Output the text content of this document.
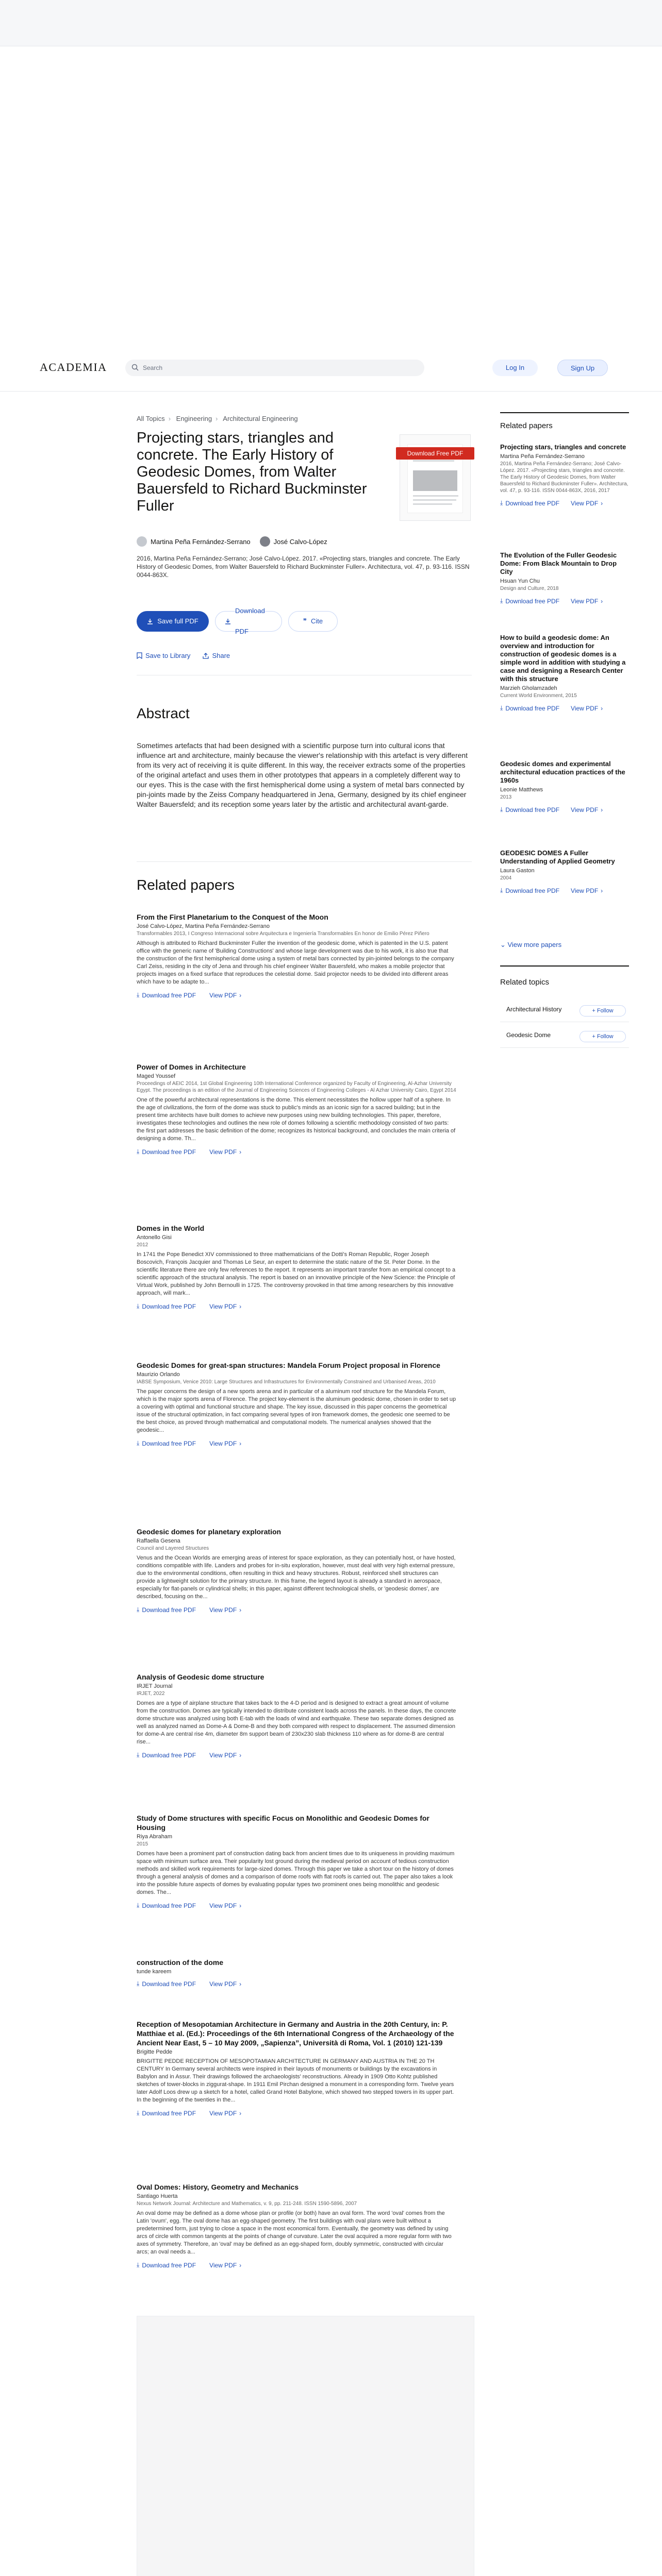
ACADEMIA	Search	Log In	Sign Up
All Topics › Engineering › Architectural Engineering
Projecting stars, triangles and concrete. The Early History of Geodesic Domes, from Walter Bauersfeld to Richard Buckminster Fuller
Download Free PDF
Martina Peña Fernández-Serrano	José Calvo-López
2016, Martina Peña Fernández-Serrano; José Calvo-López. 2017. «Projecting stars, triangles and concrete. The Early History of Geodesic Domes, from Walter Bauersfeld to Richard Buckminster Fuller». Architectura, vol. 47, p. 93-116. ISSN 0044-863X.
Save full PDF
Download PDF
❞ Cite
Save to Library	Share
Abstract

Sometimes artefacts that had been designed with a scientific purpose turn into cultural icons that influence art and architecture, mainly because the viewer's relationship with this artefact is very different from its very act of receiving it is quite different. In this way, the receiver extracts some of the properties of the original artefact and uses them in other prototypes that appears in a completely different way to our eyes. This is the case with the first hemispherical dome using a system of metal bars connected by pin-joints made by the Zeiss Company headquartered in Jena, Germany, designed by its chief engineer Walter Bauersfeld; and its reception some years later by the artistic and architectural avant-garde.

Related papers
From the First Planetarium to the Conquest of the Moon
José Calvo-López, Martina Peña Fernández-Serrano
Transformables 2013, I Congreso Internacional sobre Arquitectura e Ingeniería Transformables En honor de Emilio Pérez Piñero
Although is attributed to Richard Buckminster Fuller the invention of the geodesic dome, which is patented in the U.S. patent office with the generic name of 'Building Constructions' and whose large development was due to his work, it is also true that the construction of the first hemispherical dome using a system of metal bars connected by pin-jointed belongs to the company Carl Zeiss, residing in the city of Jena and through his chief engineer Walter Bauersfeld, who makes a mobile projector that projects images on a fixed surface that reproduces the celestial dome. Said projector needs to be divided into different areas which have to be adapte to...
⤓ Download free PDF View PDF ›
Power of Domes in Architecture
Maged Youssef
Proceedings of AEIC 2014, 1st Global Engineering 10th International Conference organized by Faculty of Engineering, Al-Azhar University Egypt. The proceedings is an edition of the Journal of Engineering Sciences of Engineering Colleges - Al Azhar University Cairo, Egypt 2014
One of the powerful architectural representations is the dome. This element necessitates the hollow upper half of a sphere. In the age of civilizations, the form of the dome was stuck to public's minds as an iconic sign for a sacred building; but in the present time architects have built domes to achieve new purposes using new building technologies. This paper, therefore, investigates these technologies and outlines the new role of domes following a scientific methodology consisted of two parts: the first part addresses the basic definition of the dome; recognizes its historical background, and concludes the main criteria of designing a dome. Th...
⤓ Download free PDF View PDF ›
Domes in the World
Antonello Gisi
2012
In 1741 the Pope Benedict XIV commissioned to three mathematicians of the Dotti's Roman Republic, Roger Joseph Boscovich, François Jacquier and Thomas Le Seur, an expert to determine the static nature of the St. Peter Dome. In the scientific literature there are only few references to the report. It represents an important transfer from an empirical concept to a scientific approach of the structural analysis. The report is based on an innovative principle of the New Science: the Principle of Virtual Work, published by John Bernoulli in 1725. The controversy provoked in that time among researchers by this innovative approach, will mark...
⤓ Download free PDF View PDF ›
Geodesic Domes for great-span structures: Mandela Forum Project proposal in Florence
Maurizio Orlando
IABSE Symposium, Venice 2010: Large Structures and Infrastructures for Environmentally Constrained and Urbanised Areas, 2010
The paper concerns the design of a new sports arena and in particular of a aluminum roof structure for the Mandela Forum, which is the major sports arena of Florence. The project key-element is the aluminum geodesic dome, chosen in order to set up a covering with optimal and functional structure and shape. The key issue, discussed in this paper concerns the geometrical issue of the structural optimization, in fact comparing several types of iron framework domes, the geodesic one seemed to be the best choice, as proved through mathematical and computational models. The numerical analyses showed that the geodesic...
⤓ Download free PDF View PDF ›
Geodesic domes for planetary exploration
Raffaella Gesena
Council and Layered Structures
Venus and the Ocean Worlds are emerging areas of interest for space exploration, as they can potentially host, or have hosted, conditions compatible with life. Landers and probes for in-situ exploration, however, must deal with very high external pressure, due to the environmental conditions, often resulting in thick and heavy structures. Robust, reinforced shell structures can provide a lightweight solution for the primary structure. In this frame, the legend layout is already a standard in aerospace, especially for flat-panels or cylindrical shells; in this paper, against different technological shells, or 'geodesic domes', are described, focusing on the...
⤓ Download free PDF View PDF ›
Analysis of Geodesic dome structure
IRJET Journal
IRJET, 2022
Domes are a type of airplane structure that takes back to the 4-D period and is designed to extract a great amount of volume from the construction. Domes are typically intended to distribute consistent loads across the panels. In these days, the concrete dome structure was analyzed using both E-tab with the loads of wind and earthquake. These two separate domes designed as well as analyzed named as Dome-A & Dome-B and they both compared with respect to displacement. The assumed dimension for dome-A are central rise 4m, diameter 8m support beam of 230x230 slab thickness 110 where as for dome-B are central rise...
⤓ Download free PDF View PDF ›
Study of Dome structures with specific Focus on Monolithic and Geodesic Domes for Housing
Riya Abraham
2015
Domes have been a prominent part of construction dating back from ancient times due to its uniqueness in providing maximum space with minimum surface area. Their popularity lost ground during the medieval period on account of tedious construction methods and skilled work requirements for large-sized domes. Through this paper we take a short tour on the history of domes through a general analysis of domes and a comparison of dome roofs with flat roofs is carried out. The paper also takes a look into the possible future aspects of domes by evaluating popular types two prominent ones being monolithic and geodesic domes. The...
⤓ Download free PDF View PDF ›
construction of the dome
tunde kareem
⤓ Download free PDF View PDF ›
Reception of Mesopotamian Architecture in Germany and Austria in the 20th Century, in: P. Matthiae et al. (Ed.): Proceedings of the 6th International Congress of the Archaeology of the Ancient Near East, 5 – 10 May 2009, „Sapienza”, Università di Roma, Vol. 1 (2010) 121-139
Brigitte Pedde
BRIGITTE PEDDE RECEPTION OF MESOPOTAMIAN ARCHITECTURE IN GERMANY AND AUSTRIA IN THE 20 TH CENTURY In Germany several architects were inspired in their layouts of monuments or buildings by the excavations in Babylon and in Assur. Their drawings followed the archaeologists' reconstructions. Already in 1909 Otto Kohtz published sketches of tower-blocks in ziggurat-shape. In 1911 Emil Pirchan designed a monument in a corresponding form. Twelve years later Adolf Loos drew up a sketch for a hotel, called Grand Hotel Babylone, which showed two stepped towers in its upper part. In the beginning of the twenties in the...
⤓ Download free PDF View PDF ›
Oval Domes: History, Geometry and Mechanics
Santiago Huerta
Nexus Network Journal: Architecture and Mathematics, v. 9, pp. 211-248. ISSN 1590-5896, 2007
An oval dome may be defined as a dome whose plan or profile (or both) have an oval form. The word 'oval' comes from the Latin 'ovum', egg. The oval dome has an egg-shaped geometry. The first buildings with oval plans were built without a predetermined form, just trying to close a space in the most economical form. Eventually, the geometry was defined by using arcs of circle with common tangents at the points of change of curvature. Later the oval acquired a more regular form with two axes of symmetry. Therefore, an 'oval' may be defined as an egg-shaped form, doubly symmetric, constructed with circular arcs; an oval needs a...
⤓ Download free PDF View PDF ›
Related papers
Projecting stars, triangles and concrete
Martina Peña Fernández-Serrano
2016, Martina Peña Fernández-Serrano; José Calvo-López. 2017. «Projecting stars, triangles and concrete. The Early History of Geodesic Domes, from Walter Bauersfeld to Richard Buckminster Fuller». Architectura, vol. 47, p. 93-116. ISSN 0044-863X, 2016, 2017
⤓ Download free PDF View PDF ›
The Evolution of the Fuller Geodesic Dome: From Black Mountain to Drop City
Hsuan Yun Chu
Design and Culture, 2018
⤓ Download free PDF View PDF ›
How to build a geodesic dome: An overview and introduction for construction of geodesic domes is a simple word in addition with studying a case and designing a Research Center with this structure
Marzieh Gholamzadeh
Current World Environment, 2015
⤓ Download free PDF View PDF ›
Geodesic domes and experimental architectural education practices of the 1960s
Leonie Matthews
2013
⤓ Download free PDF View PDF ›
GEODESIC DOMES A Fuller Understanding of Applied Geometry
Laura Gaston
2004
⤓ Download free PDF View PDF ›
⌄ View more papers
Related topics
Architectural History	+ Follow
Geodesic Dome	+ Follow
